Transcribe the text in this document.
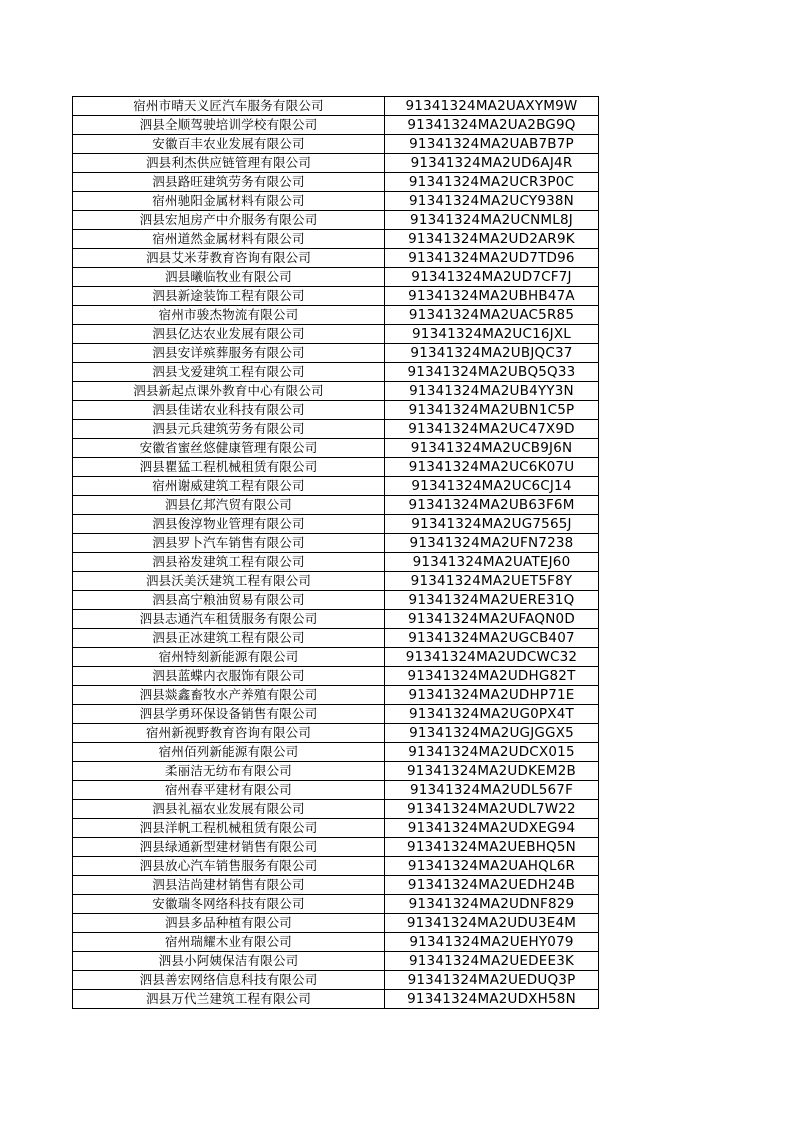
宿州市晴天义匠汽车服务有限公司	91341324MA2UAXYM9W
泗县全顺驾驶培训学校有限公司	91341324MA2UA2BG9Q
安徽百丰农业发展有限公司	91341324MA2UAB7B7P
泗县利杰供应链管理有限公司	91341324MA2UD6AJ4R
泗县路旺建筑劳务有限公司	91341324MA2UCR3P0C
宿州驰阳金属材料有限公司	91341324MA2UCY938N
泗县宏旭房产中介服务有限公司	91341324MA2UCNML8J
宿州道然金属材料有限公司	91341324MA2UD2AR9K
泗县艾米芽教育咨询有限公司	91341324MA2UD7TD96
泗县曦临牧业有限公司	91341324MA2UD7CF7J
泗县新途装饰工程有限公司	91341324MA2UBHB47A
宿州市骏杰物流有限公司	91341324MA2UAC5R85
泗县亿达农业发展有限公司	91341324MA2UC16JXL
泗县安详殡葬服务有限公司	91341324MA2UBJQC37
泗县戈爱建筑工程有限公司	91341324MA2UBQ5Q33
泗县新起点课外教育中心有限公司	91341324MA2UB4YY3N
泗县佳诺农业科技有限公司	91341324MA2UBN1C5P
泗县元兵建筑劳务有限公司	91341324MA2UC47X9D
安徽省蜜丝悠健康管理有限公司	91341324MA2UCB9J6N
泗县瞿猛工程机械租赁有限公司	91341324MA2UC6K07U
宿州谢威建筑工程有限公司	91341324MA2UC6CJ14
泗县亿邦汽贸有限公司	91341324MA2UB63F6M
泗县俊淳物业管理有限公司	91341324MA2UG7565J
泗县罗卜汽车销售有限公司	91341324MA2UFN7238
泗县裕发建筑工程有限公司	91341324MA2UATEJ60
泗县沃美沃建筑工程有限公司	91341324MA2UET5F8Y
泗县高宁粮油贸易有限公司	91341324MA2UERE31Q
泗县志通汽车租赁服务有限公司	91341324MA2UFAQN0D
泗县正冰建筑工程有限公司	91341324MA2UGCB407
宿州特刻新能源有限公司	91341324MA2UDCWC32
泗县蓝蝶内衣服饰有限公司	91341324MA2UDHG82T
泗县燚鑫畜牧水产养殖有限公司	91341324MA2UDHP71E
泗县学勇环保设备销售有限公司	91341324MA2UG0PX4T
宿州新视野教育咨询有限公司	91341324MA2UGJGGX5
宿州佰列新能源有限公司	91341324MA2UDCX015
柔丽洁无纺布有限公司	91341324MA2UDKEM2B
宿州春平建材有限公司	91341324MA2UDL567F
泗县礼福农业发展有限公司	91341324MA2UDL7W22
泗县洋帆工程机械租赁有限公司	91341324MA2UDXEG94
泗县绿通新型建材销售有限公司	91341324MA2UEBHQ5N
泗县放心汽车销售服务有限公司	91341324MA2UAHQL6R
泗县洁尚建材销售有限公司	91341324MA2UEDH24B
安徽瑞冬网络科技有限公司	91341324MA2UDNF829
泗县多品种植有限公司	91341324MA2UDU3E4M
宿州瑞耀木业有限公司	91341324MA2UEHY079
泗县小阿姨保洁有限公司	91341324MA2UEDEE3K
泗县善宏网络信息科技有限公司	91341324MA2UEDUQ3P
泗县万代兰建筑工程有限公司	91341324MA2UDXH58N
